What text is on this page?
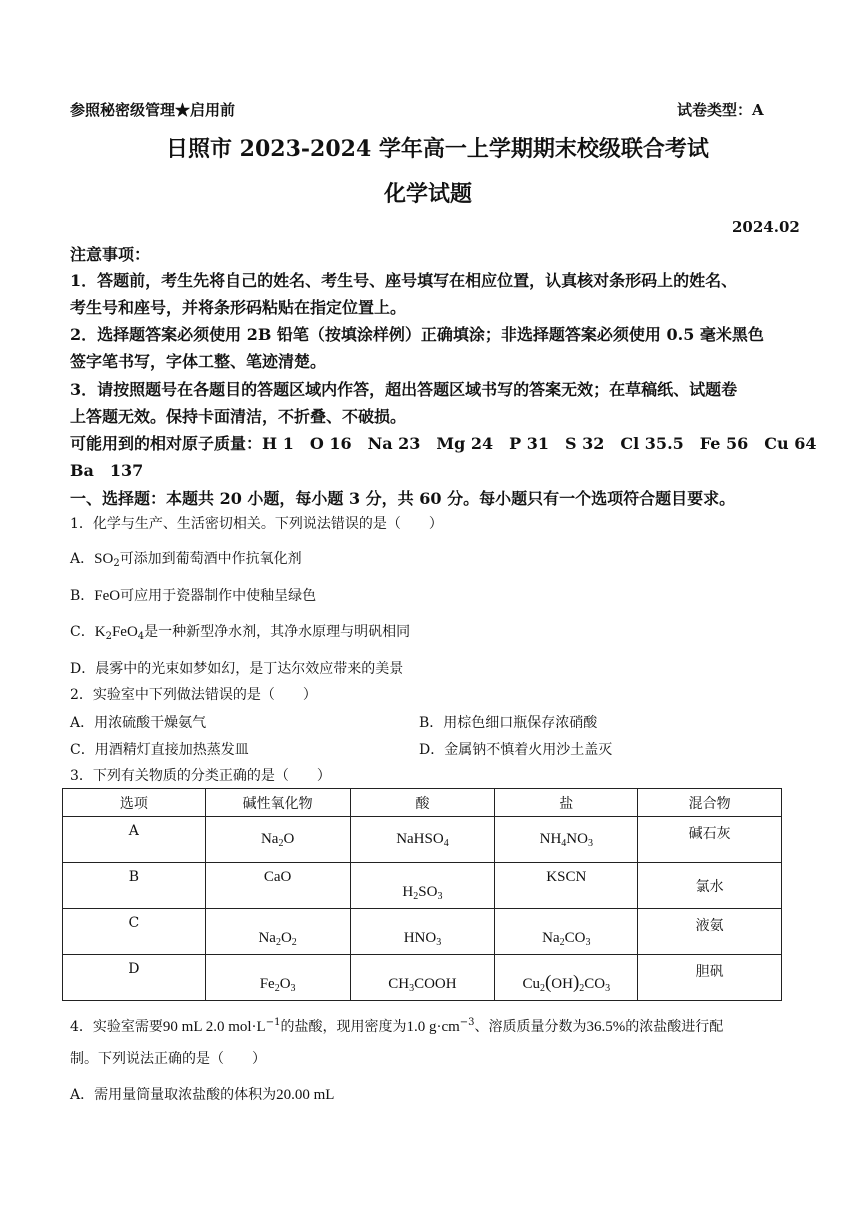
参照秘密级管理★启用前	试卷类型：A
日照市 2023-2024 学年高一上学期期末校级联合考试
化学试题
2024.02
注意事项：
1．答题前，考生先将自己的姓名、考生号、座号填写在相应位置，认真核对条形码上的姓名、
考生号和座号，并将条形码粘贴在指定位置上。
2．选择题答案必须使用 2B 铅笔（按填涂样例）正确填涂；非选择题答案必须使用 0.5 毫米黑色
签字笔书写，字体工整、笔迹清楚。
3．请按照题号在各题目的答题区域内作答，超出答题区域书写的答案无效；在草稿纸、试题卷
上答题无效。保持卡面清洁，不折叠、不破损。
可能用到的相对原子质量：H 1　O 16　Na 23　Mg 24　P 31　S 32　Cl 35.5　Fe 56　Cu 64
Ba　137
一、选择题：本题共 20 小题，每小题 3 分，共 60 分。每小题只有一个选项符合题目要求。
1．化学与生产、生活密切相关。下列说法错误的是（　　）
A．$SO_2$可添加到葡萄酒中作抗氧化剂
B．FeO可应用于瓷器制作中使釉呈绿色
C．$K_2FeO_4$是一种新型净水剂，其净水原理与明矾相同
D．晨雾中的光束如梦如幻，是丁达尔效应带来的美景
2．实验室中下列做法错误的是（　　）
A．用浓硫酸干燥氨气	B．用棕色细口瓶保存浓硝酸
C．用酒精灯直接加热蒸发皿	D．金属钠不慎着火用沙土盖灭
3．下列有关物质的分类正确的是（　　）
选项	碱性氧化物	酸	盐	混合物
A	$Na_2O$	NaHSO$_4$	$NH_4NO_3$	碱石灰
B	CaO	$H_2SO_3$	KSCN	氯水
C	$Na_2O_2$	$HNO_3$	$Na_2CO_3$	液氨
D	$Fe_2O_3$	$CH_3COOH$	$Cu_2(OH)_2CO_3$	胆矾
4．实验室需要90 mL 2.0 $mol\cdot L^{-1}$的盐酸，现用密度为1.0 $g\cdot cm^{-3}$、溶质质量分数为36.5%的浓盐酸进行配
制。下列说法正确的是（　　）
A．需用量筒量取浓盐酸的体积为20.00 mL
